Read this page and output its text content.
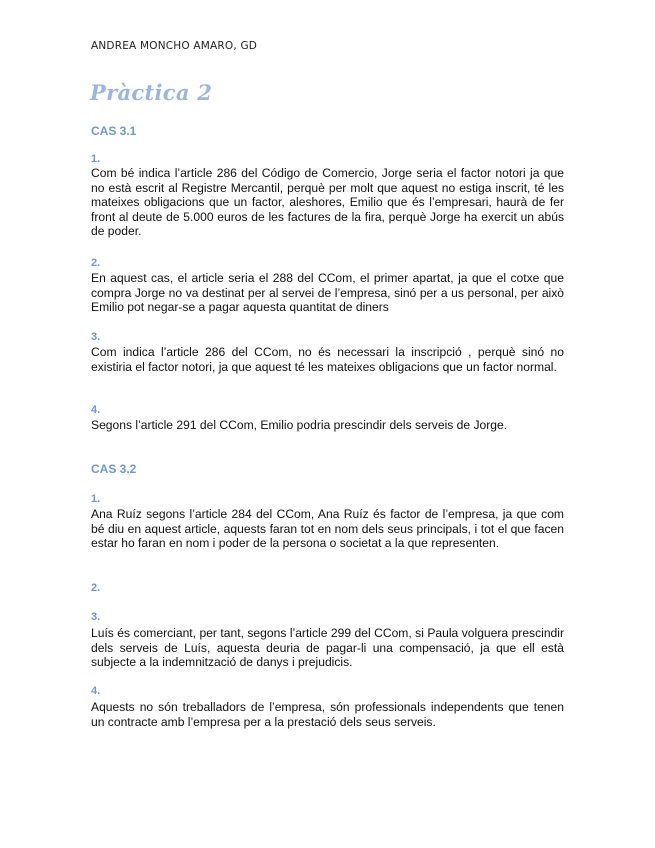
ANDREA MONCHO AMARO, GD
Pràctica 2
CAS 3.1
1.
Com bé indica l’article 286 del Código de Comercio, Jorge seria el factor notori ja que no està escrit al Registre Mercantil, perquè per molt que aquest no estiga inscrit, té les mateixes obligacions que un factor, aleshores, Emilio que és l’empresari, haurà de fer front al deute de 5.000 euros de les factures de la fira, perquè Jorge ha exercit un abús de poder.
2.
En aquest cas, el article seria el 288 del CCom, el primer apartat, ja que el cotxe que compra Jorge no va destinat per al servei de l’empresa, sinó per a us personal, per això Emilio pot negar-se a pagar aquesta quantitat de diners
3.
Com indica l’article 286 del CCom, no és necessari la inscripció , perquè sinó no existiria el factor notori, ja que aquest té les mateixes obligacions que un factor normal.
4.
Segons l’article 291 del CCom, Emilio podria prescindir dels serveis de Jorge.
CAS 3.2
1.
Ana Ruíz segons l’article 284 del CCom, Ana Ruíz és factor de l’empresa, ja que com bé diu en aquest article, aquests faran tot en nom dels seus principals, i tot el que facen estar ho faran en nom i poder de la persona o societat a la que representen.
2.
3.
Luís és comerciant, per tant, segons l’article 299 del CCom, si Paula volguera prescindir dels serveis de Luís, aquesta deuria de pagar-li una compensació, ja que ell està subjecte a la indemnització de danys i prejudicis.
4.
Aquests no són treballadors de l’empresa, són professionals independents que tenen un contracte amb l’empresa per a la prestació dels seus serveis.
